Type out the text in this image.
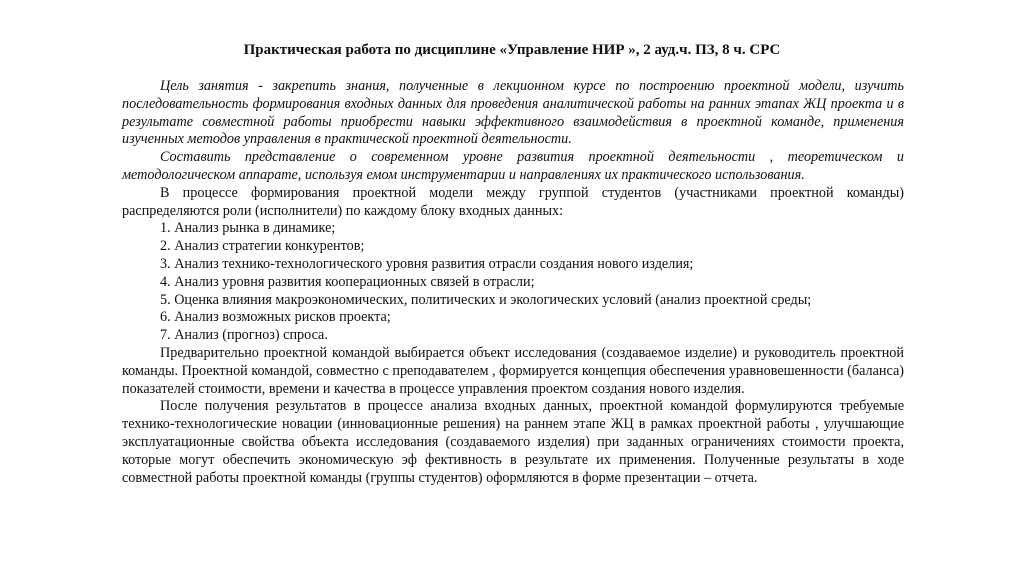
Практическая работа по дисциплине «Управление НИР », 2 ауд.ч. ПЗ, 8 ч. СРС

Цель занятия - закрепить знания, полученные в лекционном курсе по построению проектной модели, изучить последовательность формирования входных данных для проведения аналитической работы на ранних этапах ЖЦ проекта и в результате совместной работы приобрести навыки эффективного взаимодействия в проектной команде, применения изученных методов управления в практической проектной деятельности.

Составить представление о современном уровне развития проектной деятельности , теоретическом и методологическом аппарате, используя емом инструментарии и направлениях их практического использования.

В процессе формирования проектной модели между группой студентов (участниками проектной команды) распределяются роли (исполнители) по каждому блоку входных данных:

1. Анализ рынка в динамике;

2. Анализ стратегии конкурентов;

3. Анализ технико-технологического уровня развития отрасли создания нового изделия;

4. Анализ уровня развития кооперационных связей в отрасли;

5. Оценка влияния макроэкономических, политических и экологических условий (анализ проектной среды;

6. Анализ возможных рисков проекта;

7. Анализ (прогноз) спроса.

Предварительно проектной командой выбирается объект исследования (создаваемое изделие) и руководитель проектной команды. Проектной командой, совместно с преподавателем , формируется концепция обеспечения уравновешенности (баланса) показателей стоимости, времени и качества в процессе управления проектом создания нового изделия.

После получения результатов в процессе анализа входных данных, проектной командой формулируются требуемые технико-технологические новации (инновационные решения) на раннем этапе ЖЦ в рамках проектной работы , улучшающие эксплуатационные свойства объекта исследования (создаваемого изделия) при заданных ограничениях стоимости проекта, которые могут обеспечить экономическую эф фективность в результате их применения. Полученные результаты в ходе совместной работы проектной команды (группы студентов) оформляются в форме презентации – отчета.
